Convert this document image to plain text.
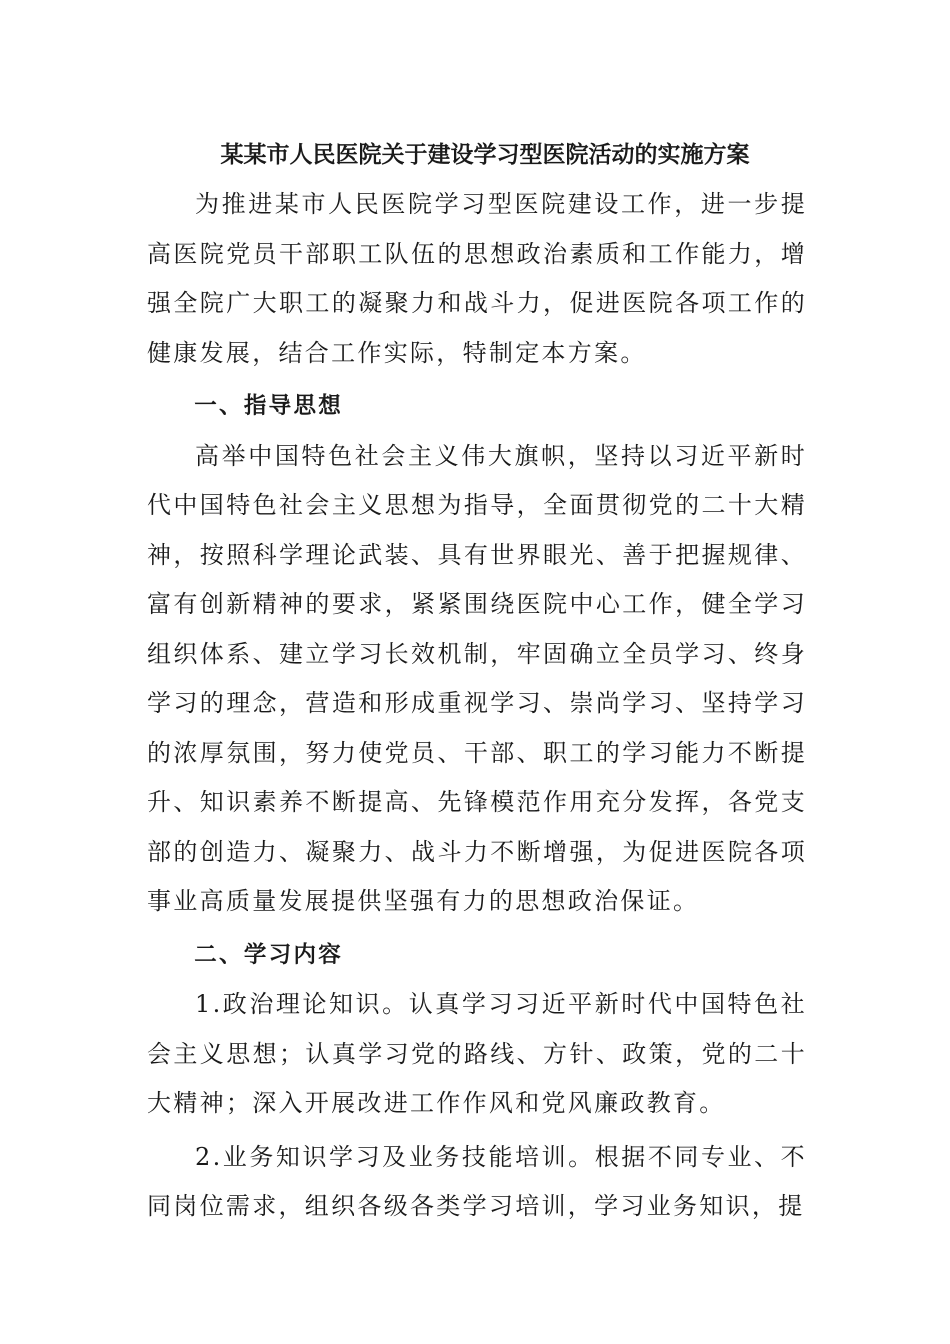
某某市人民医院关于建设学习型医院活动的实施方案

为推进某市人民医院学习型医院建设工作，进一步提高医院党员干部职工队伍的思想政治素质和工作能力，增强全院广大职工的凝聚力和战斗力，促进医院各项工作的健康发展，结合工作实际，特制定本方案。

一、指导思想

高举中国特色社会主义伟大旗帜，坚持以习近平新时代中国特色社会主义思想为指导，全面贯彻党的二十大精神，按照科学理论武装、具有世界眼光、善于把握规律、富有创新精神的要求，紧紧围绕医院中心工作，健全学习组织体系、建立学习长效机制，牢固确立全员学习、终身学习的理念，营造和形成重视学习、崇尚学习、坚持学习的浓厚氛围，努力使党员、干部、职工的学习能力不断提升、知识素养不断提高、先锋模范作用充分发挥，各党支部的创造力、凝聚力、战斗力不断增强，为促进医院各项事业高质量发展提供坚强有力的思想政治保证。

二、学习内容

1.政治理论知识。认真学习习近平新时代中国特色社会主义思想；认真学习党的路线、方针、政策，党的二十大精神；深入开展改进工作作风和党风廉政教育。

2.业务知识学习及业务技能培训。根据不同专业、不同岗位需求，组织各级各类学习培训，学习业务知识，提
